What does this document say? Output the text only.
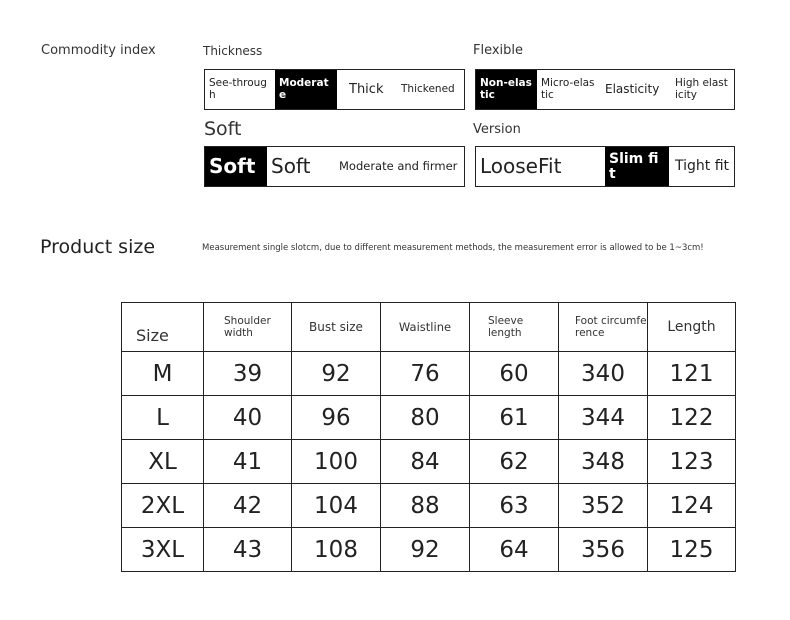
Commodity index	Thickness
See-through
Moderate	Thick	Thickened
Flexible
Non-elastic
Micro-elastic	Elasticity	High elasticity
Soft
Soft Soft	Moderate and firmer
Version
LooseFit	Slim fit	Tight fit
Product size	Measurement single slotcm, due to different measurement methods, the measurement error is allowed to be 1~3cm!
Size	Shoulder width	Bust size	Waistline	Sleeve length	Foot circumference	Length
M	39	92	76	60	340	121
L	40	96	80	61	344	122
XL	41	100	84	62	348	123
2XL	42	104	88	63	352	124
3XL	43	108	92	64	356	125
